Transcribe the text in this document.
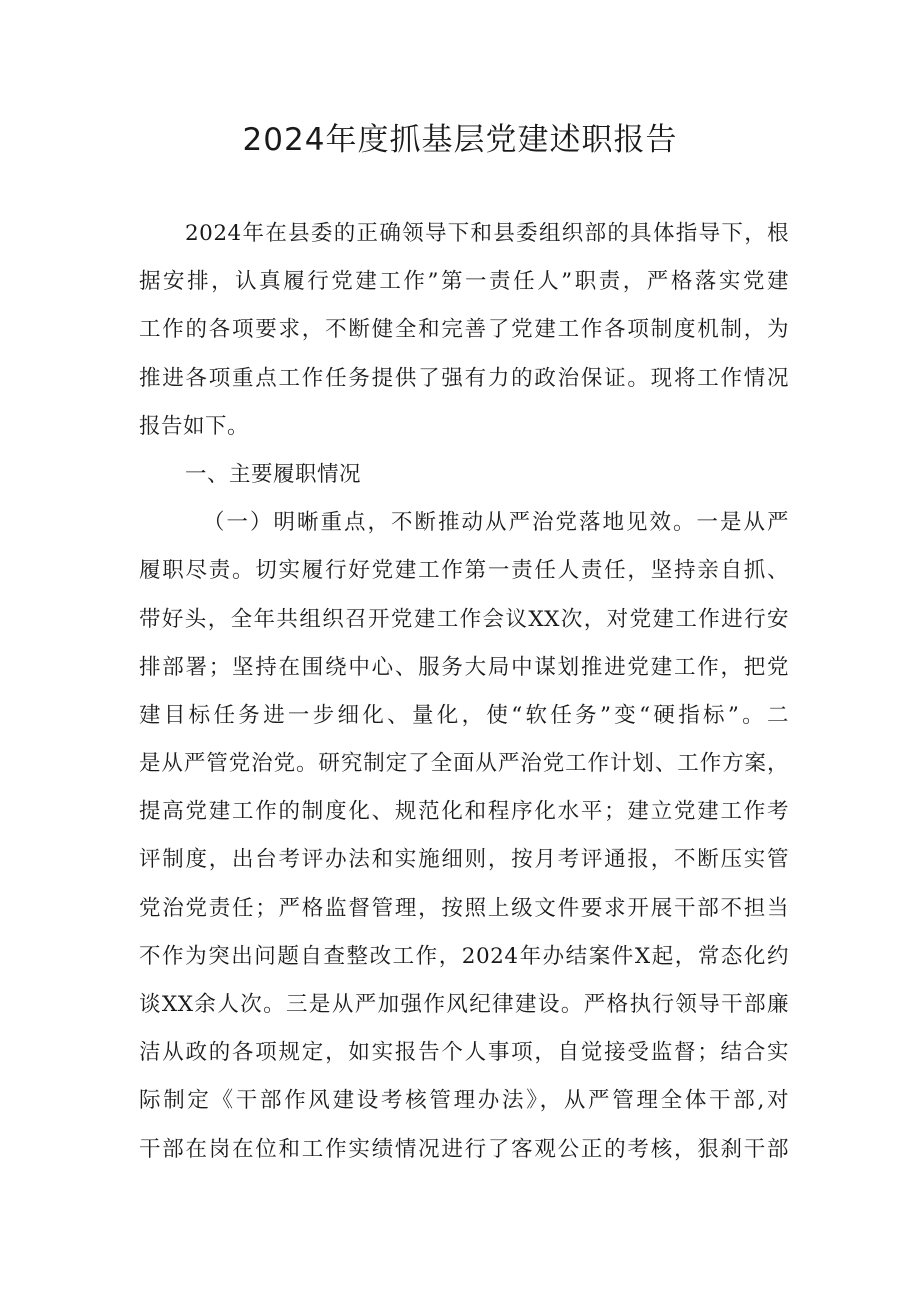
2024年度抓基层党建述职报告
2024年在县委的正确领导下和县委组织部的具体指导下，根
据安排，认真履行党建工作”第一责任人”职责，严格落实党建
工作的各项要求，不断健全和完善了党建工作各项制度机制，为
推进各项重点工作任务提供了强有力的政治保证。现将工作情况
报告如下。
一、主要履职情况
（一）明晰重点，不断推动从严治党落地见效。一是从严
履职尽责。切实履行好党建工作第一责任人责任，坚持亲自抓、
带好头，全年共组织召开党建工作会议XX次，对党建工作进行安
排部署；坚持在围绕中心、服务大局中谋划推进党建工作，把党
建目标任务进一步细化、量化，使“软任务”变“硬指标”。二
是从严管党治党。研究制定了全面从严治党工作计划、工作方案，
提高党建工作的制度化、规范化和程序化水平；建立党建工作考
评制度，出台考评办法和实施细则，按月考评通报，不断压实管
党治党责任；严格监督管理，按照上级文件要求开展干部不担当
不作为突出问题自查整改工作，2024年办结案件X起，常态化约
谈XX余人次。三是从严加强作风纪律建设。严格执行领导干部廉
洁从政的各项规定，如实报告个人事项，自觉接受监督；结合实
际制定《干部作风建设考核管理办法》，从严管理全体干部,对
干部在岗在位和工作实绩情况进行了客观公正的考核，狠刹干部
